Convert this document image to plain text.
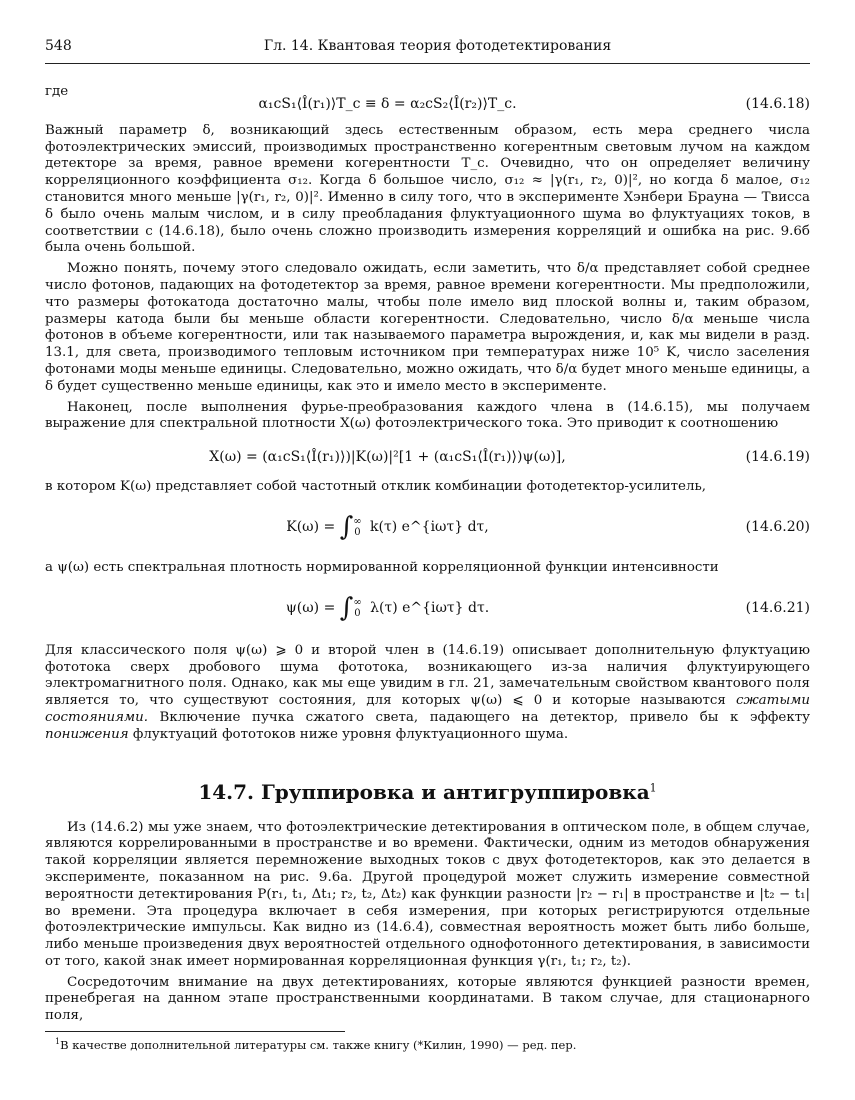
548	Гл. 14. Квантовая теория фотодетектирования

где

α₁cS₁⟨Î(r₁)⟩T_c ≡ δ = α₂cS₂⟨Î(r₂)⟩T_c.	(14.6.18)

Важный параметр δ, возникающий здесь естественным образом, есть мера среднего числа фотоэлектрических эмиссий, производимых пространственно когерентным световым лучом на каждом детекторе за время, равное времени когерентности T_c. Очевидно, что он определяет величину корреляционного коэффициента σ₁₂. Когда δ большое число, σ₁₂ ≈ |γ(r₁, r₂, 0)|², но когда δ малое, σ₁₂ становится много меньше |γ(r₁, r₂, 0)|². Именно в силу того, что в эксперименте Хэнбери Брауна — Твисса δ было очень малым числом, и в силу преобладания флуктуационного шума во флуктуациях токов, в соответствии с (14.6.18), было очень сложно производить измерения корреляций и ошибка на рис. 9.6б была очень большой.

Можно понять, почему этого следовало ожидать, если заметить, что δ/α представляет собой среднее число фотонов, падающих на фотодетектор за время, равное времени когерентности. Мы предположили, что размеры фотокатода достаточно малы, чтобы поле имело вид плоской волны и, таким образом, размеры катода были бы меньше области когерентности. Следовательно, число δ/α меньше числа фотонов в объеме когерентности, или так называемого параметра вырождения, и, как мы видели в разд. 13.1, для света, производимого тепловым источником при температурах ниже 10⁵ K, число заселения фотонами моды меньше единицы. Следовательно, можно ожидать, что δ/α будет много меньше единицы, а δ будет существенно меньше единицы, как это и имело место в эксперименте.

Наконец, после выполнения фурье-преобразования каждого члена в (14.6.15), мы получаем выражение для спектральной плотности X(ω) фотоэлектрического тока. Это приводит к соотношению

X(ω) = (α₁cS₁⟨Î(r₁)⟩)|K(ω)|²[1 + (α₁cS₁⟨Î(r₁)⟩)ψ(ω)],	(14.6.19)

в котором K(ω) представляет собой частотный отклик комбинации фотодетектор-усилитель,

K(ω) = ∫ ∞
0 k(τ) e^{iωτ} dτ,	(14.6.20)

а ψ(ω) есть спектральная плотность нормированной корреляционной функции интенсивности

ψ(ω) = ∫ ∞
0 λ(τ) e^{iωτ} dτ.	(14.6.21)

Для классического поля ψ(ω) ⩾ 0 и второй член в (14.6.19) описывает дополнительную флуктуацию фототока сверх дробового шума фототока, возникающего из-за наличия флуктуирующего электромагнитного поля. Однако, как мы еще увидим в гл. 21, замечательным свойством квантового поля является то, что существуют состояния, для которых ψ(ω) ⩽ 0 и которые называются сжатыми состояниями. Включение пучка сжатого света, падающего на детектор, привело бы к эффекту понижения флуктуаций фототоков ниже уровня флуктуационного шума.

14.7. Группировка и антигруппировка$^1$

Из (14.6.2) мы уже знаем, что фотоэлектрические детектирования в оптическом поле, в общем случае, являются коррелированными в пространстве и во времени. Фактически, одним из методов обнаружения такой корреляции является перемножение выходных токов с двух фотодетекторов, как это делается в эксперименте, показанном на рис. 9.6а. Другой процедурой может служить измерение совместной вероятности детектирования P(r₁, t₁, Δt₁; r₂, t₂, Δt₂) как функции разности |r₂ − r₁| в пространстве и |t₂ − t₁| во времени. Эта процедура включает в себя измерения, при которых регистрируются отдельные фотоэлектрические импульсы. Как видно из (14.6.4), совместная вероятность может быть либо больше, либо меньше произведения двух вероятностей отдельного однофотонного детектирования, в зависимости от того, какой знак имеет нормированная корреляционная функция γ(r₁, t₁; r₂, t₂).

Сосредоточим внимание на двух детектированиях, которые являются функцией разности времен, пренебрегая на данном этапе пространственными координатами. В таком случае, для стационарного поля,

$^1$В качестве дополнительной литературы см. также книгу (*Килин, 1990) — ред. пер.
